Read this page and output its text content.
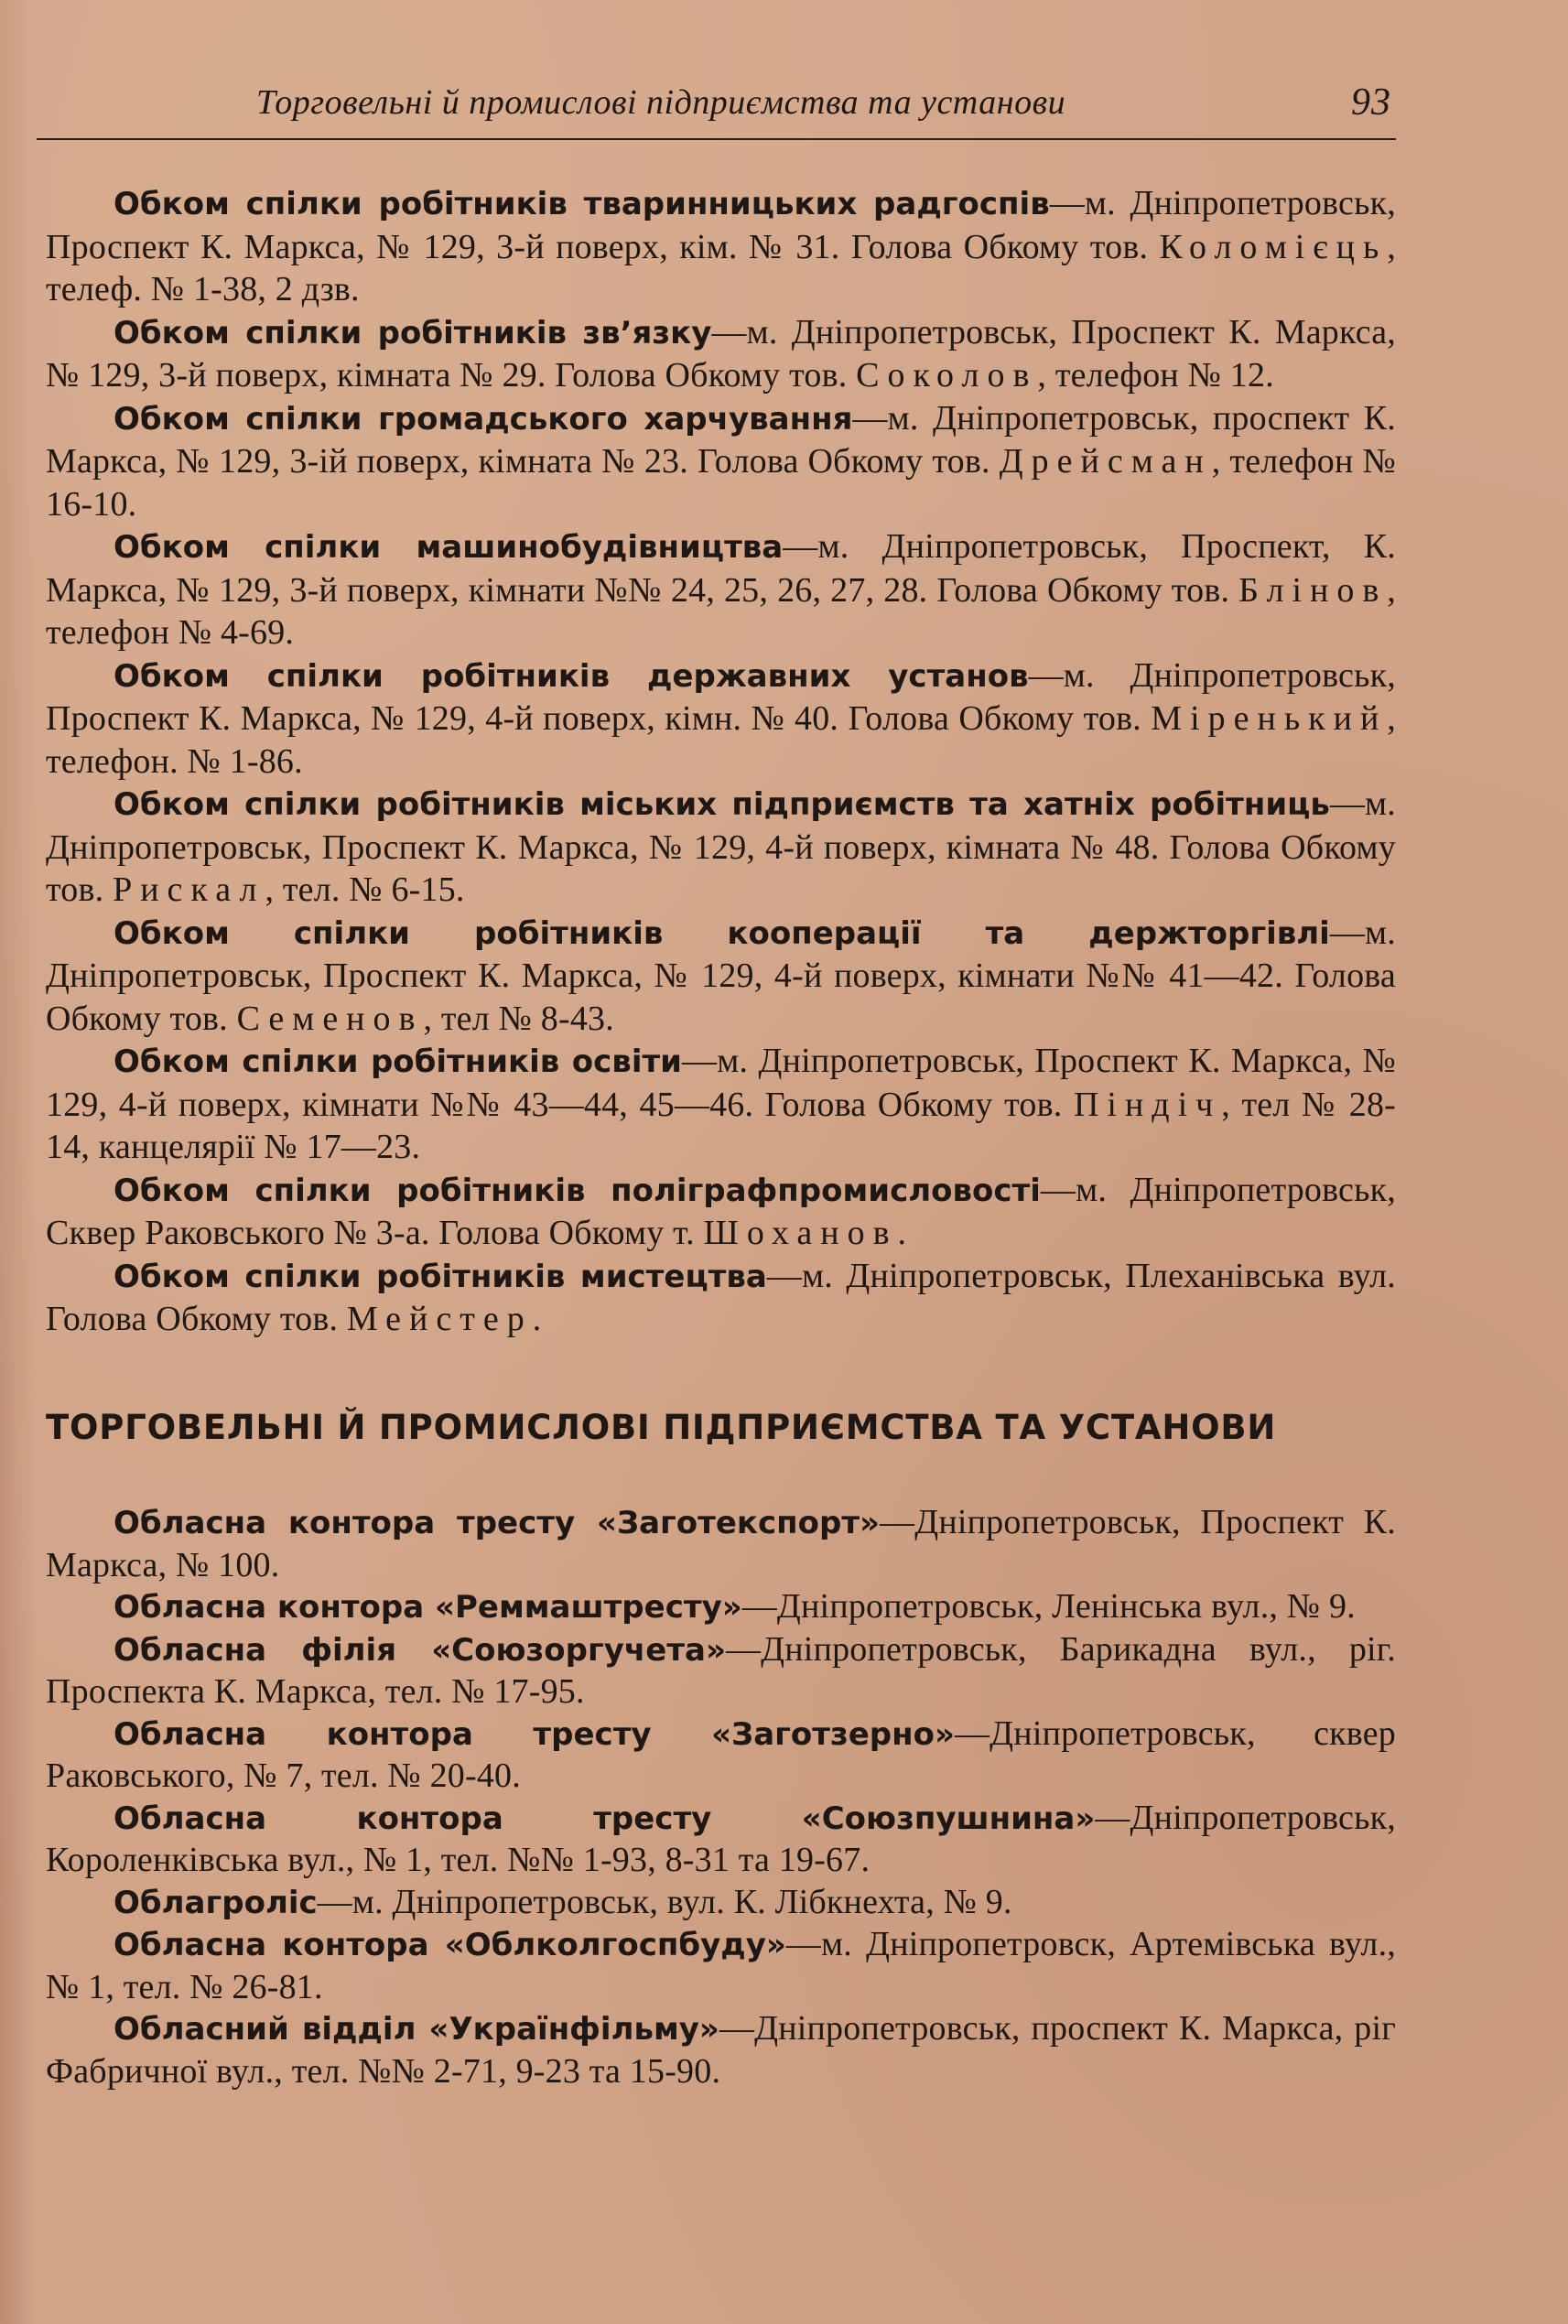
Торговельні й промислові підприємства та установи	93

Обком спілки робітників тваринницьких радгоспів—м. Дніпропетровськ, Проспект К. Маркса, № 129, 3-й поверх, кім. № 31. Голова Обкому тов. Коломієць, телеф. № 1-38, 2 дзв.

Обком спілки робітників зв’язку—м. Дніпропетровськ, Проспект К. Маркса, № 129, 3-й поверх, кімната № 29. Голова Обкому тов. Соколов, телефон № 12.

Обком спілки громадського харчування—м. Дніпропетровськ, проспект К. Маркса, № 129, 3-ій поверх, кімната № 23. Голова Обкому тов. Дрейсман, телефон № 16-10.

Обком спілки машинобудівництва—м. Дніпропетровськ, Проспект, К. Маркса, № 129, 3-й поверх, кімнати №№ 24, 25, 26, 27, 28. Голова Обкому тов. Блінов, телефон № 4-69.

Обком спілки робітників державних установ—м. Дніпропетровськ, Проспект К. Маркса, № 129, 4-й поверх, кімн. № 40. Голова Обкому тов. Міренький, телефон. № 1-86.

Обком спілки робітників міських підприємств та хатніх робітниць—м. Дніпропетровськ, Проспект К. Маркса, № 129, 4-й поверх, кімната № 48. Голова Обкому тов. Рискал, тел. № 6-15.

Обком спілки робітників кооперації та держторгівлі—м. Дніпропетровськ, Проспект К. Маркса, № 129, 4-й поверх, кімнати №№ 41—42. Голова Обкому тов. Семенов, тел № 8-43.

Обком спілки робітників освіти—м. Дніпропетровськ, Проспект К. Маркса, № 129, 4-й поверх, кімнати №№ 43—44, 45—46. Голова Обкому тов. Піндіч, тел № 28-14, канцелярії № 17—23.

Обком спілки робітників поліграфпромисловості—м. Дніпропетровськ, Сквер Раковського № 3-а. Голова Обкому т. Шоханов.

Обком спілки робітників мистецтва—м. Дніпропетровськ, Плеханівська вул. Голова Обкому тов. Мейстер.

ТОРГОВЕЛЬНІ Й ПРОМИСЛОВІ ПІДПРИЄМСТВА ТА УСТАНОВИ

Обласна контора тресту «Заготекспорт»—Дніпропетровськ, Проспект К. Маркса, № 100.

Обласна контора «Реммаштресту»—Дніпропетровськ, Ленінська вул., № 9.

Обласна філія «Союзоргучета»—Дніпропетровськ, Барикадна вул., ріг. Проспекта К. Маркса, тел. № 17-95.

Обласна контора тресту «Заготзерно»—Дніпропетровськ, сквер Раковського, № 7, тел. № 20-40.

Обласна контора тресту «Союзпушнина»—Дніпропетровськ, Короленківська вул., № 1, тел. №№ 1-93, 8-31 та 19-67.

Облагроліс—м. Дніпропетровськ, вул. К. Лібкнехта, № 9.

Обласна контора «Облколгоспбуду»—м. Дніпропетровск, Артемівська вул., № 1, тел. № 26-81.

Обласний відділ «Українфільму»—Дніпропетровськ, проспект К. Маркса, ріг Фабричної вул., тел. №№ 2-71, 9-23 та 15-90.
